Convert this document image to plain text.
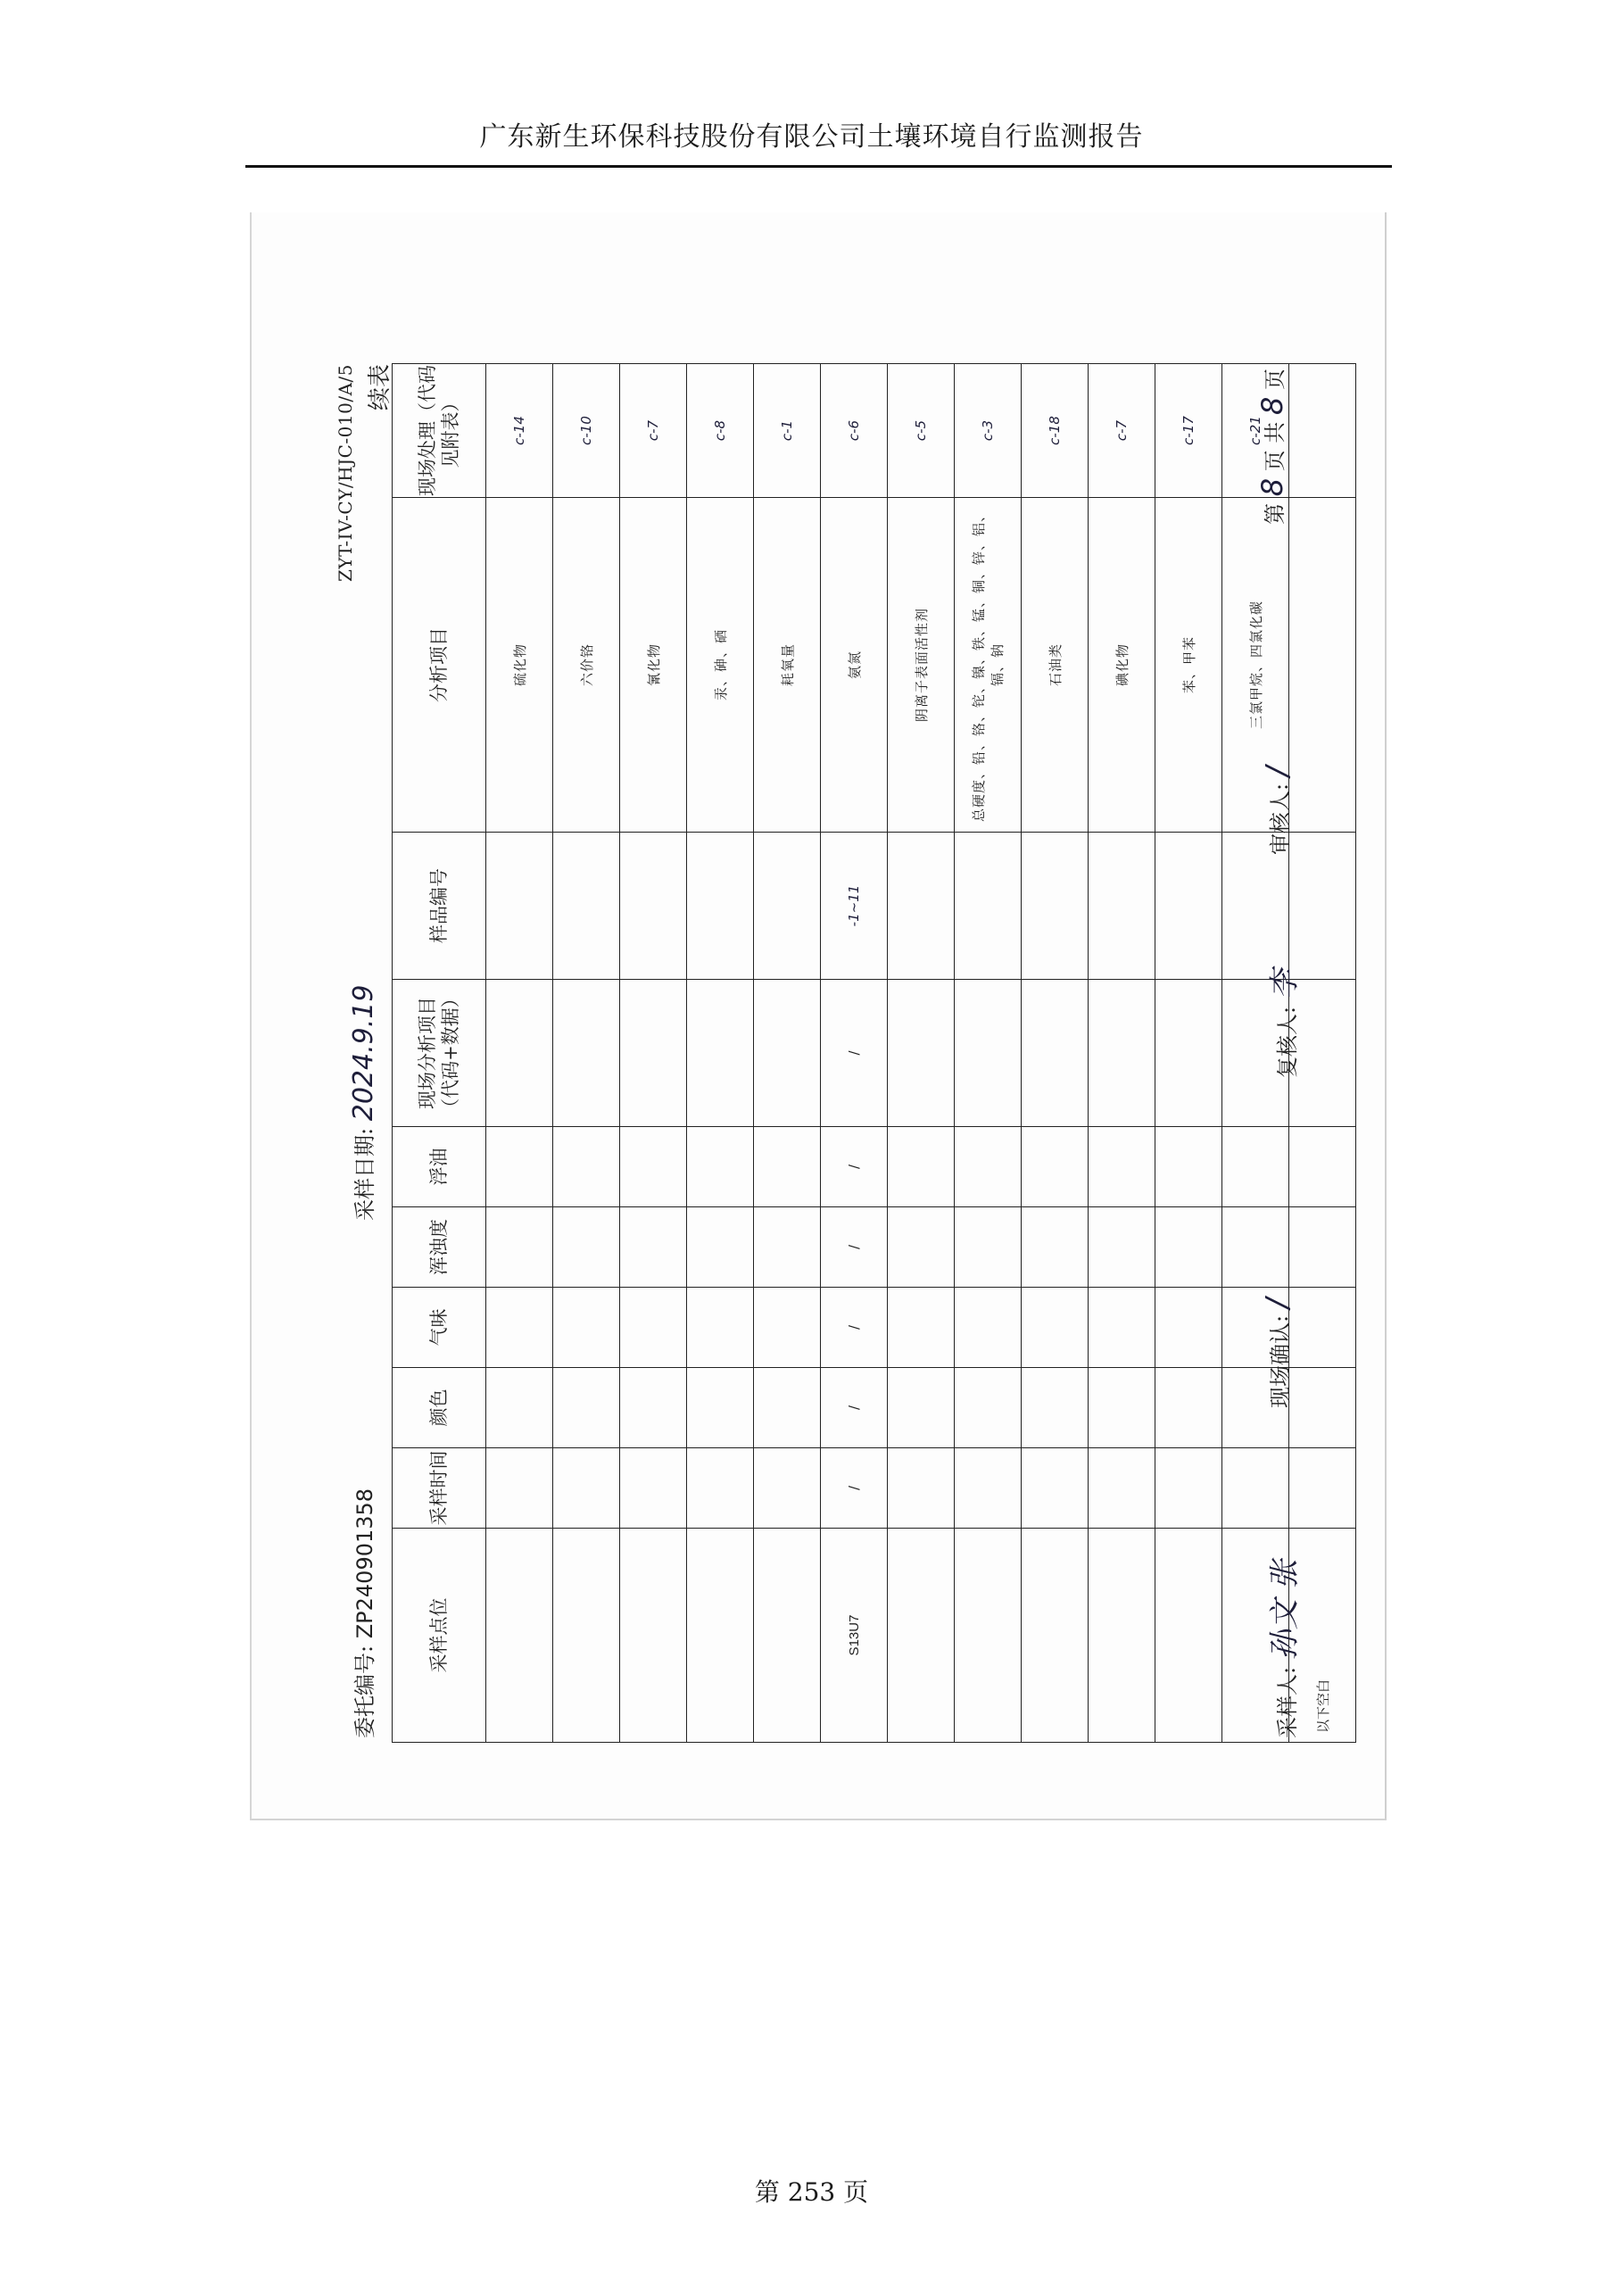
广东新生环保科技股份有限公司土壤环境自行监测报告
ZYT-IV-CY/HJC-010/A/5 续表
委托编号: ZP240901358
采样日期: 2024.9.19
采样点位	采样时间	颜色	气味	浑浊度	浮油	现场分析项目（代码+数据）	样品编号	分析项目	现场处理（代码见附表）
								硫化物	c-14
								六价铬	c-10
								氰化物	c-7
								汞、砷、硒	c-8
								耗氧量	c-1
S13U7	/	/	/	/	/	/	-1~11	氨氮	c-6
								阴离子表面活性剂	c-5
								总硬度、铅、铬、铊、镍、铁、锰、铜、锌、铝、镉、钠	c-3
								石油类	c-18
								碘化物	c-7
								苯、甲苯	c-17
								三氯甲烷、四氯化碳	c-21
以下空白									
采样人: 孙文 张
现场确认: /
复核人: 李
审核人: /
第 8 页 共 8 页
第 253 页
